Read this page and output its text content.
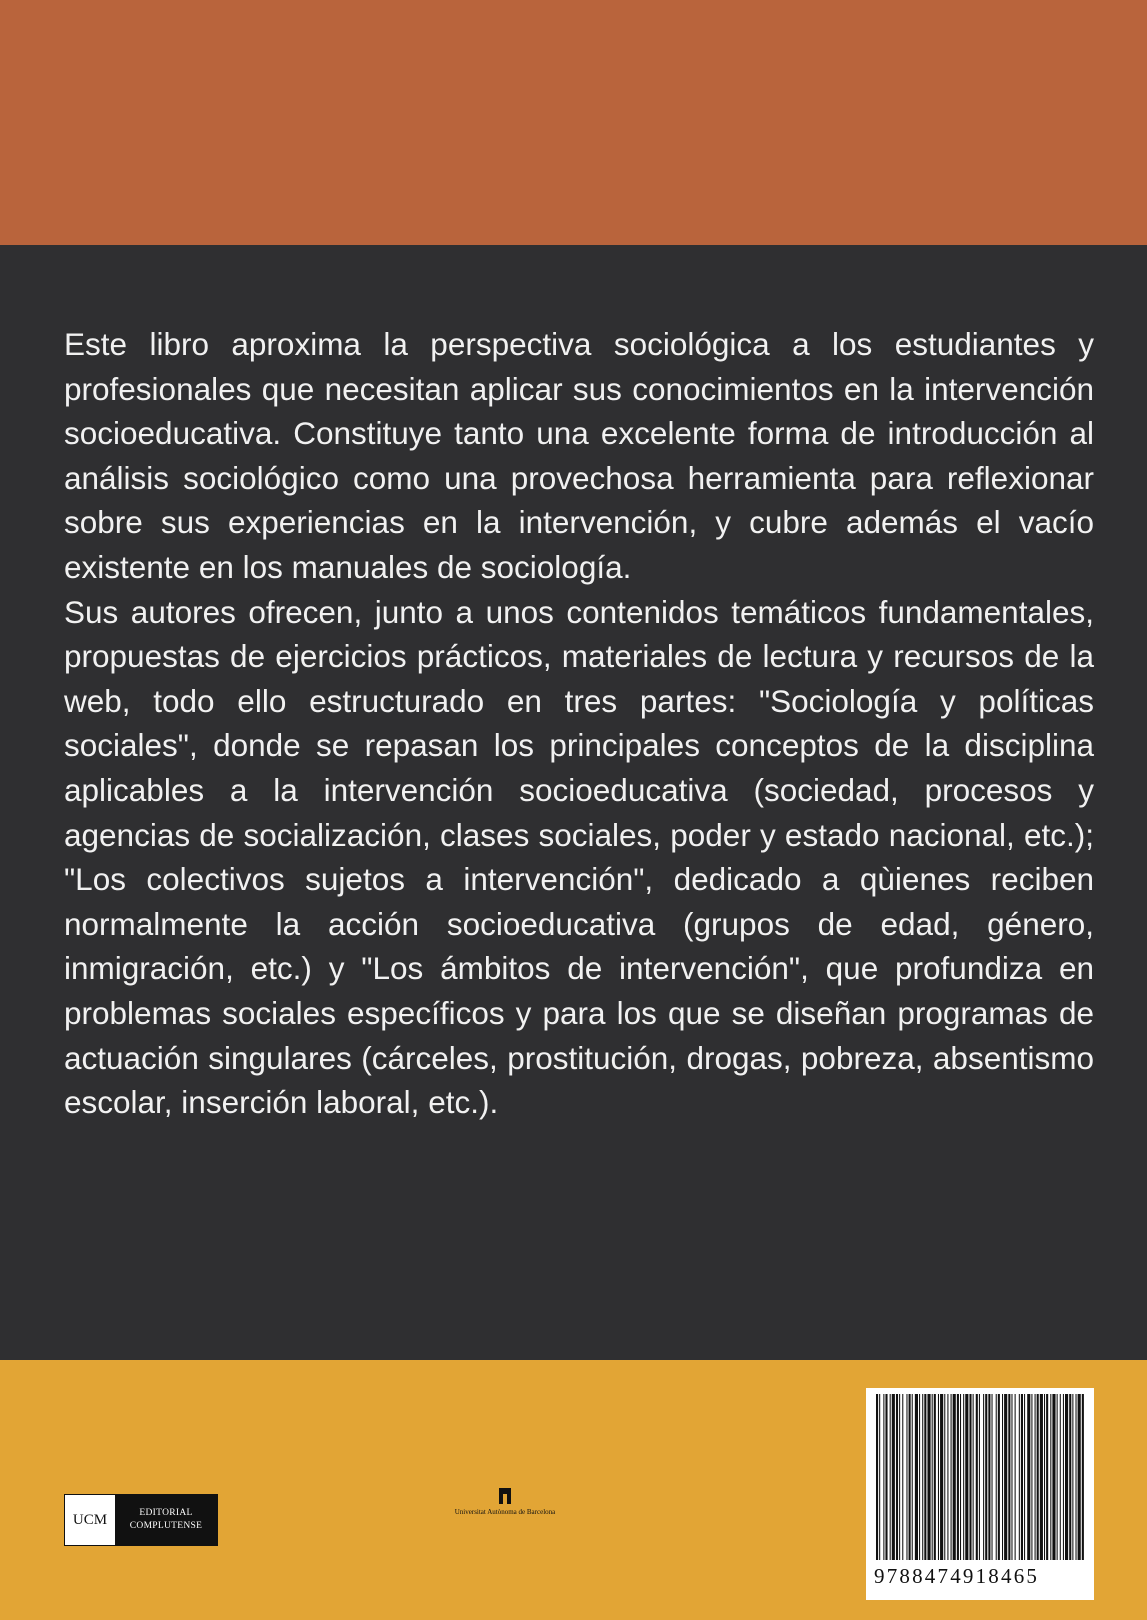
Este libro aproxima la perspectiva sociológica a los estudiantes y profesionales que necesitan aplicar sus conocimientos en la intervención socioeducativa. Constituye tanto una excelente forma de introducción al análisis sociológico como una provechosa herramienta para reflexionar sobre sus experiencias en la intervención, y cubre además el vacío existente en los manuales de sociología.

Sus autores ofrecen, junto a unos contenidos temáticos fundamentales, propuestas de ejercicios prácticos, materiales de lectura y recursos de la web, todo ello estructurado en tres partes: "Sociología y políticas sociales", donde se repasan los principales conceptos de la disciplina aplicables a la intervención socioeducativa (sociedad, procesos y agencias de socialización, clases sociales, poder y estado nacional, etc.); "Los colectivos sujetos a intervención", dedicado a qùienes reciben normalmente la acción socioeducativa (grupos de edad, género, inmigración, etc.) y "Los ámbitos de intervención", que profundiza en problemas sociales específicos y para los que se diseñan programas de actuación singulares (cárceles, prostitución, drogas, pobreza, absentismo escolar, inserción laboral, etc.).

UCM	EDITORIAL
COMPLUTENSE
Universitat Autònoma de Barcelona
9788474918465
